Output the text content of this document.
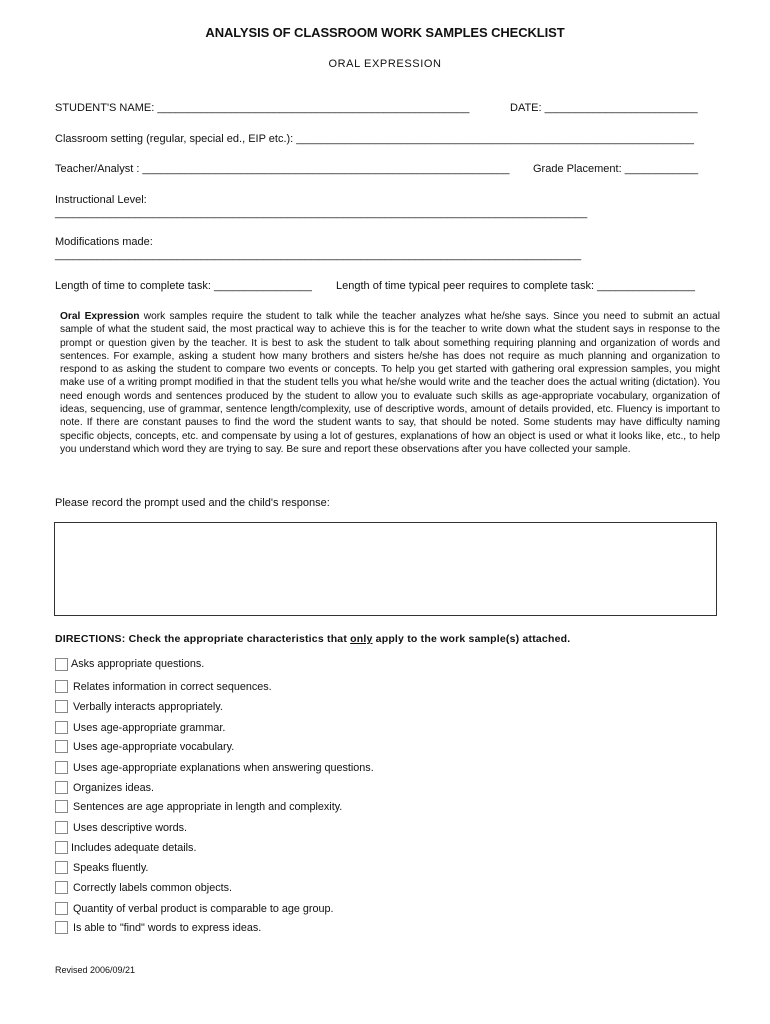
ANALYSIS OF CLASSROOM WORK SAMPLES CHECKLIST
ORAL EXPRESSION
STUDENT'S NAME: ___________________________________________________	DATE: _________________________
Classroom setting (regular, special ed., EIP etc.): _________________________________________________________________
Teacher/Analyst : ____________________________________________________________ Grade Placement: ____________
Instructional Level:
_______________________________________________________________________________________
Modifications made:
______________________________________________________________________________________
Length of time to complete task: ________________ Length of time typical peer requires to complete task: ________________
Oral Expression work samples require the student to talk while the teacher analyzes what he/she says. Since you need to submit an actual sample of what the student said, the most practical way to achieve this is for the teacher to write down what the student says in response to the prompt or question given by the teacher. It is best to ask the student to talk about something requiring planning and organization of words and sentences. For example, asking a student how many brothers and sisters he/she has does not require as much planning and organization to respond to as asking the student to compare two events or concepts. To help you get started with gathering oral expression samples, you might make use of a writing prompt modified in that the student tells you what he/she would write and the teacher does the actual writing (dictation). You need enough words and sentences produced by the student to allow you to evaluate such skills as age-appropriate vocabulary, organization of ideas, sequencing, use of grammar, sentence length/complexity, use of descriptive words, amount of details provided, etc. Fluency is important to note. If there are constant pauses to find the word the student wants to say, that should be noted. Some students may have difficulty naming specific objects, concepts, etc. and compensate by using a lot of gestures, explanations of how an object is used or what it looks like, etc., to help you understand which word they are trying to say. Be sure and report these observations after you have collected your sample.
Please record the prompt used and the child's response:
DIRECTIONS: Check the appropriate characteristics that only apply to the work sample(s) attached.
Asks appropriate questions.
Relates information in correct sequences.
Verbally interacts appropriately.
Uses age-appropriate grammar.
Uses age-appropriate vocabulary.
Uses age-appropriate explanations when answering questions.
Organizes ideas.
Sentences are age appropriate in length and complexity.
Uses descriptive words.
Includes adequate details.
Speaks fluently.
Correctly labels common objects.
Quantity of verbal product is comparable to age group.
Is able to "find" words to express ideas.
Revised 2006/09/21
